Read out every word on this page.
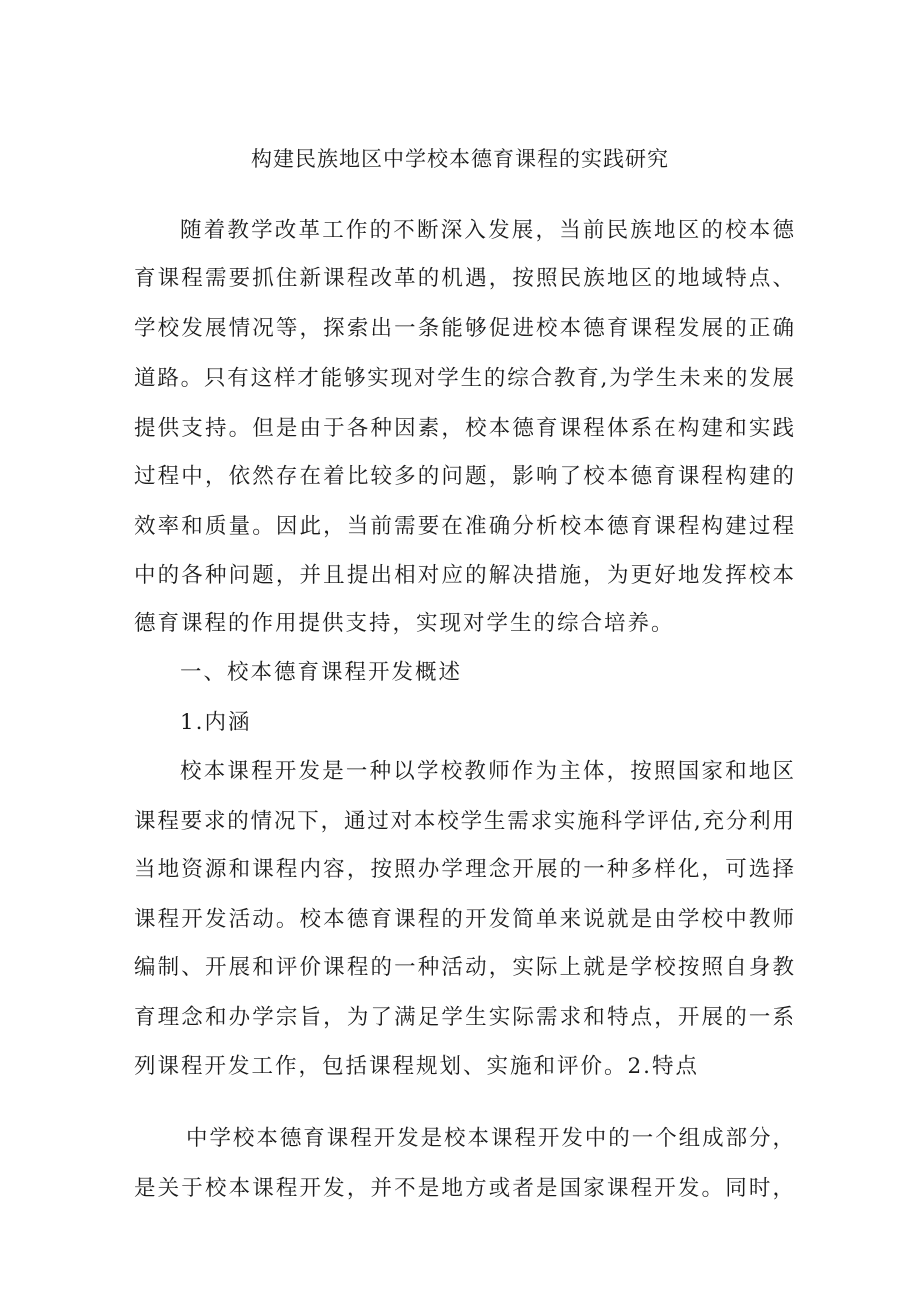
构建民族地区中学校本德育课程的实践研究
随着教学改革工作的不断深入发展，当前民族地区的校本德
育课程需要抓住新课程改革的机遇，按照民族地区的地域特点、
学校发展情况等，探索出一条能够促进校本德育课程发展的正确
道路。只有这样才能够实现对学生的综合教育,为学生未来的发展
提供支持。但是由于各种因素，校本德育课程体系在构建和实践
过程中，依然存在着比较多的问题，影响了校本德育课程构建的
效率和质量。因此，当前需要在准确分析校本德育课程构建过程
中的各种问题，并且提出相对应的解决措施，为更好地发挥校本
德育课程的作用提供支持，实现对学生的综合培养。
一、校本德育课程开发概述
1.内涵
校本课程开发是一种以学校教师作为主体，按照国家和地区
课程要求的情况下，通过对本校学生需求实施科学评估,充分利用
当地资源和课程内容，按照办学理念开展的一种多样化，可选择
课程开发活动。校本德育课程的开发简单来说就是由学校中教师
编制、开展和评价课程的一种活动，实际上就是学校按照自身教
育理念和办学宗旨，为了满足学生实际需求和特点，开展的一系
列课程开发工作，包括课程规划、实施和评价。2.特点
中学校本德育课程开发是校本课程开发中的一个组成部分，
是关于校本课程开发，并不是地方或者是国家课程开发。同时，
